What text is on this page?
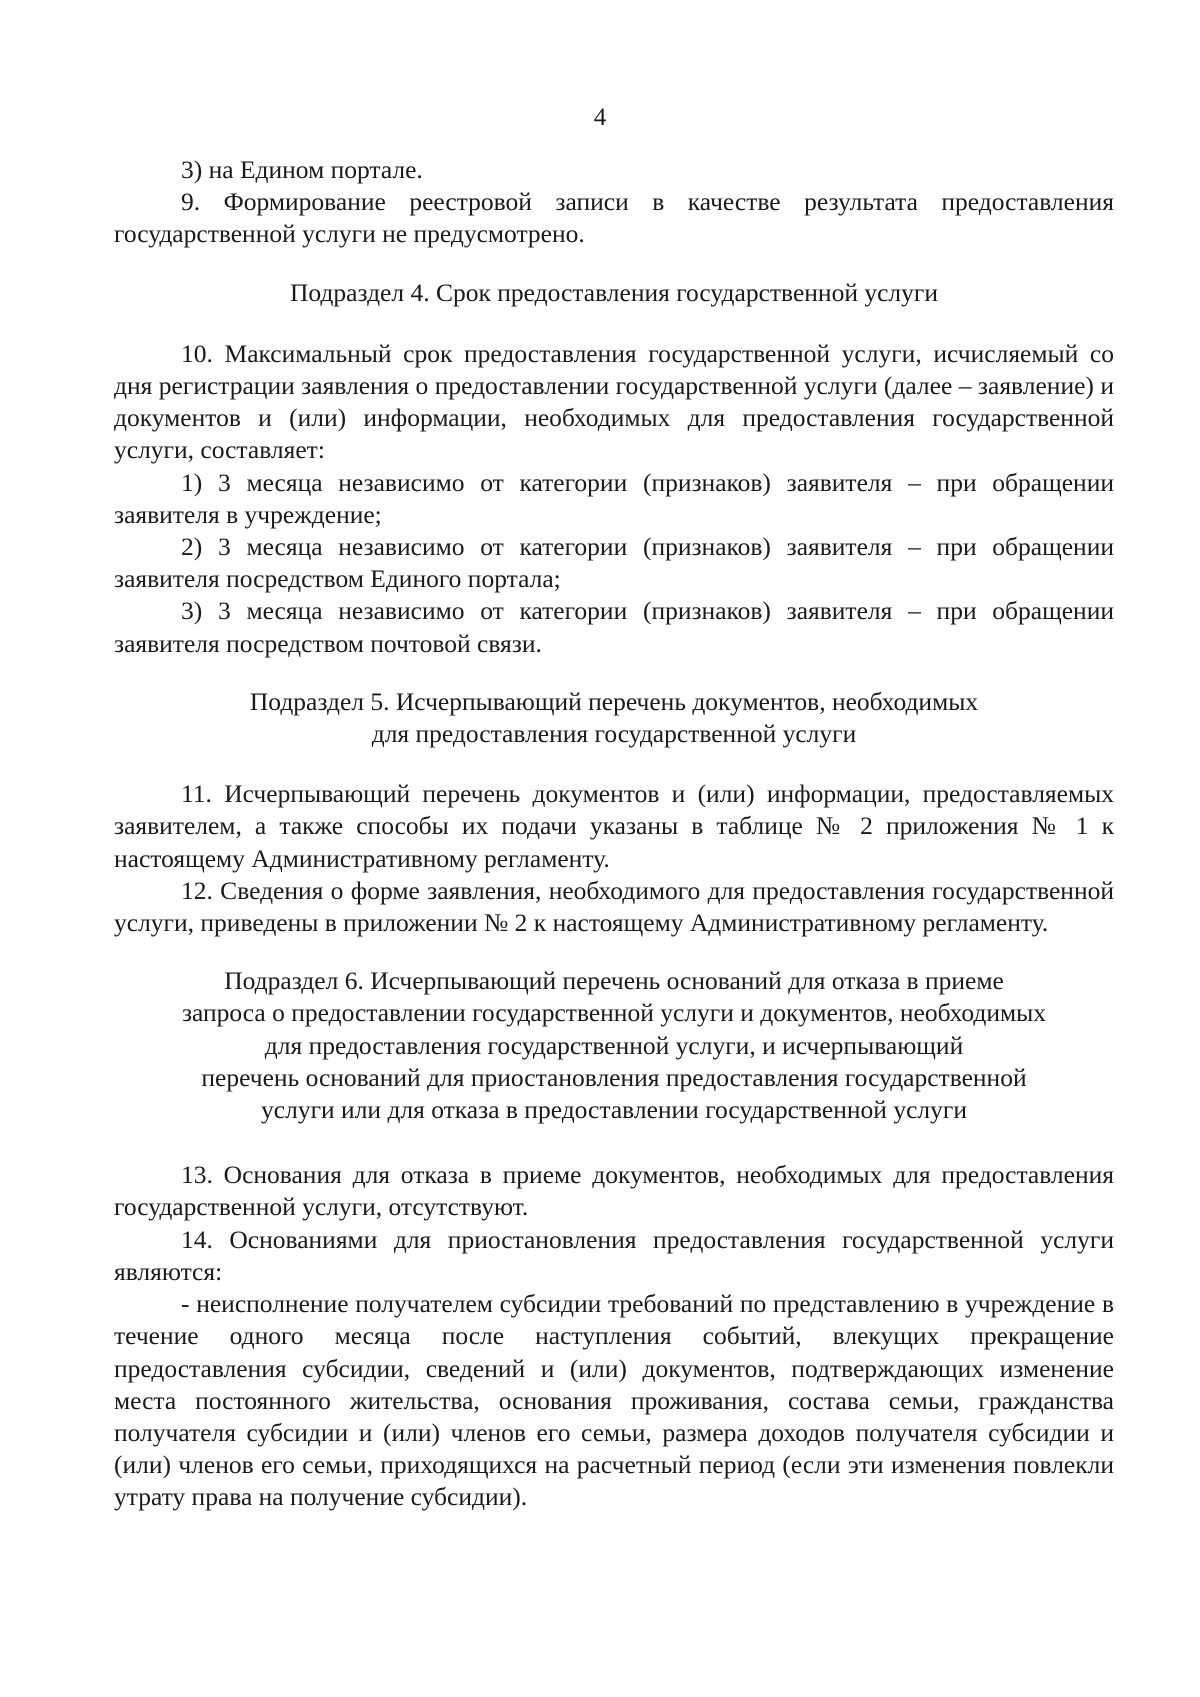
4

3) на Едином портале.

9. Формирование реестровой записи в качестве результата предоставления государственной услуги не предусмотрено.

Подраздел 4. Срок предоставления государственной услуги

10. Максимальный срок предоставления государственной услуги, исчисляемый со дня регистрации заявления о предоставлении государственной услуги (далее – заявление) и документов и (или) информации, необходимых для предоставления государственной услуги, составляет:

1) 3 месяца независимо от категории (признаков) заявителя – при обращении заявителя в учреждение;

2) 3 месяца независимо от категории (признаков) заявителя – при обращении заявителя посредством Единого портала;

3) 3 месяца независимо от категории (признаков) заявителя – при обращении заявителя посредством почтовой связи.

Подраздел 5. Исчерпывающий перечень документов, необходимых

для предоставления государственной услуги

11. Исчерпывающий перечень документов и (или) информации, предоставляемых заявителем, а также способы их подачи указаны в таблице № 2 приложения № 1 к настоящему Административному регламенту.

12. Сведения о форме заявления, необходимого для предоставления государственной услуги, приведены в приложении № 2 к настоящему Административному регламенту.

Подраздел 6. Исчерпывающий перечень оснований для отказа в приеме

запроса о предоставлении государственной услуги и документов, необходимых

для предоставления государственной услуги, и исчерпывающий

перечень оснований для приостановления предоставления государственной

услуги или для отказа в предоставлении государственной услуги

13. Основания для отказа в приеме документов, необходимых для предоставления государственной услуги, отсутствуют.

14. Основаниями для приостановления предоставления государственной услуги являются:

- неисполнение получателем субсидии требований по представлению в учреждение в течение одного месяца после наступления событий, влекущих прекращение предоставления субсидии, сведений и (или) документов, подтверждающих изменение места постоянного жительства, основания проживания, состава семьи, гражданства получателя субсидии и (или) членов его семьи, размера доходов получателя субсидии и (или) членов его семьи, приходящихся на расчетный период (если эти изменения повлекли утрату права на получение субсидии).
